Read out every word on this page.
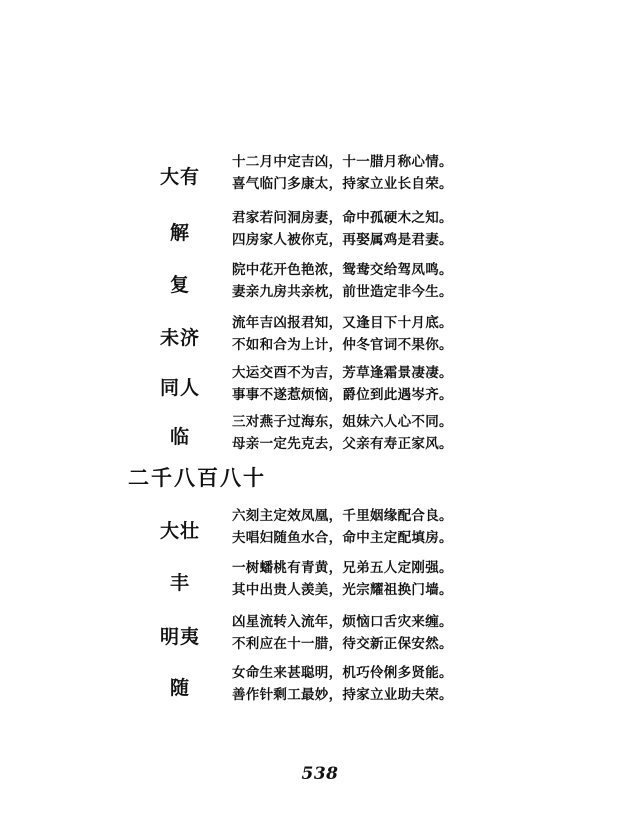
大有
十二月中定吉凶，十一腊月称心情。
喜气临门多康太，持家立业长自荣。
解
君家若问洞房妻，命中孤硬木之知。
四房家人被你克，再娶属鸡是君妻。
复
院中花开色艳浓，鸳鸯交给驾凤鸣。
妻亲九房共亲枕，前世造定非今生。
未济
流年吉凶报君知，又逢目下十月底。
不如和合为上计，仲冬官词不果你。
同人
大运交酉不为吉，芳草逢霜景凄凄。
事事不遂惹烦恼，爵位到此遇岑齐。
临
三对燕子过海东，姐妹六人心不同。
母亲一定先克去，父亲有寿正家风。
二千八百八十
大壮
六刻主定效凤凰，千里姻缘配合良。
夫唱妇随鱼水合，命中主定配填房。
丰
一树蟠桃有青黄，兄弟五人定刚强。
其中出贵人羡美，光宗耀祖换门墙。
明夷
凶星流转入流年，烦恼口舌灾来缠。
不利应在十一腊，待交新正保安然。
随
女命生来甚聪明，机巧伶俐多贤能。
善作针剩工最妙，持家立业助夫荣。
538
